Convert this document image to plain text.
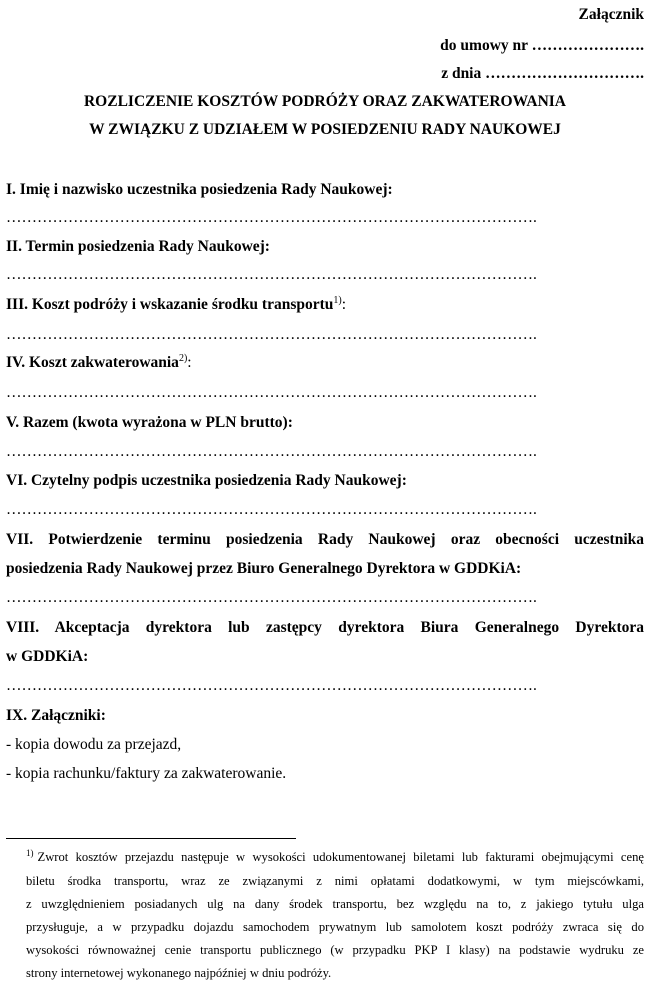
Załącznik
do umowy nr ………………….
z dnia ………………………….
ROZLICZENIE KOSZTÓW PODRÓŻY ORAZ ZAKWATEROWANIA
W ZWIĄZKU Z UDZIAŁEM W POSIEDZENIU RADY NAUKOWEJ
I. Imię i nazwisko uczestnika posiedzenia Rady Naukowej:
………………………………………………………………………………………….
II. Termin posiedzenia Rady Naukowej:
………………………………………………………………………………………….
III. Koszt podróży i wskazanie środku transportu$^{1)}$:
………………………………………………………………………………………….
IV. Koszt zakwaterowania$^{2)}$:
………………………………………………………………………………………….
V. Razem (kwota wyrażona w PLN brutto):
………………………………………………………………………………………….
VI. Czytelny podpis uczestnika posiedzenia Rady Naukowej:
………………………………………………………………………………………….
VII. Potwierdzenie terminu posiedzenia Rady Naukowej oraz obecności uczestnika
posiedzenia Rady Naukowej przez Biuro Generalnego Dyrektora w GDDKiA:
………………………………………………………………………………………….
VIII. Akceptacja dyrektora lub zastępcy dyrektora Biura Generalnego Dyrektora
w GDDKiA:
………………………………………………………………………………………….
IX. Załączniki:
- kopia dowodu za przejazd,
- kopia rachunku/faktury za zakwaterowanie.
$^{1)}$ Zwrot kosztów przejazdu następuje w wysokości udokumentowanej biletami lub fakturami obejmującymi cenę
biletu środka transportu, wraz ze związanymi z nimi opłatami dodatkowymi, w tym miejscówkami,
z uwzględnieniem posiadanych ulg na dany środek transportu, bez względu na to, z jakiego tytułu ulga
przysługuje, a w przypadku dojazdu samochodem prywatnym lub samolotem koszt podróży zwraca się do
wysokości równoważnej cenie transportu publicznego (w przypadku PKP I klasy) na podstawie wydruku ze
strony internetowej wykonanego najpóźniej w dniu podróży.
